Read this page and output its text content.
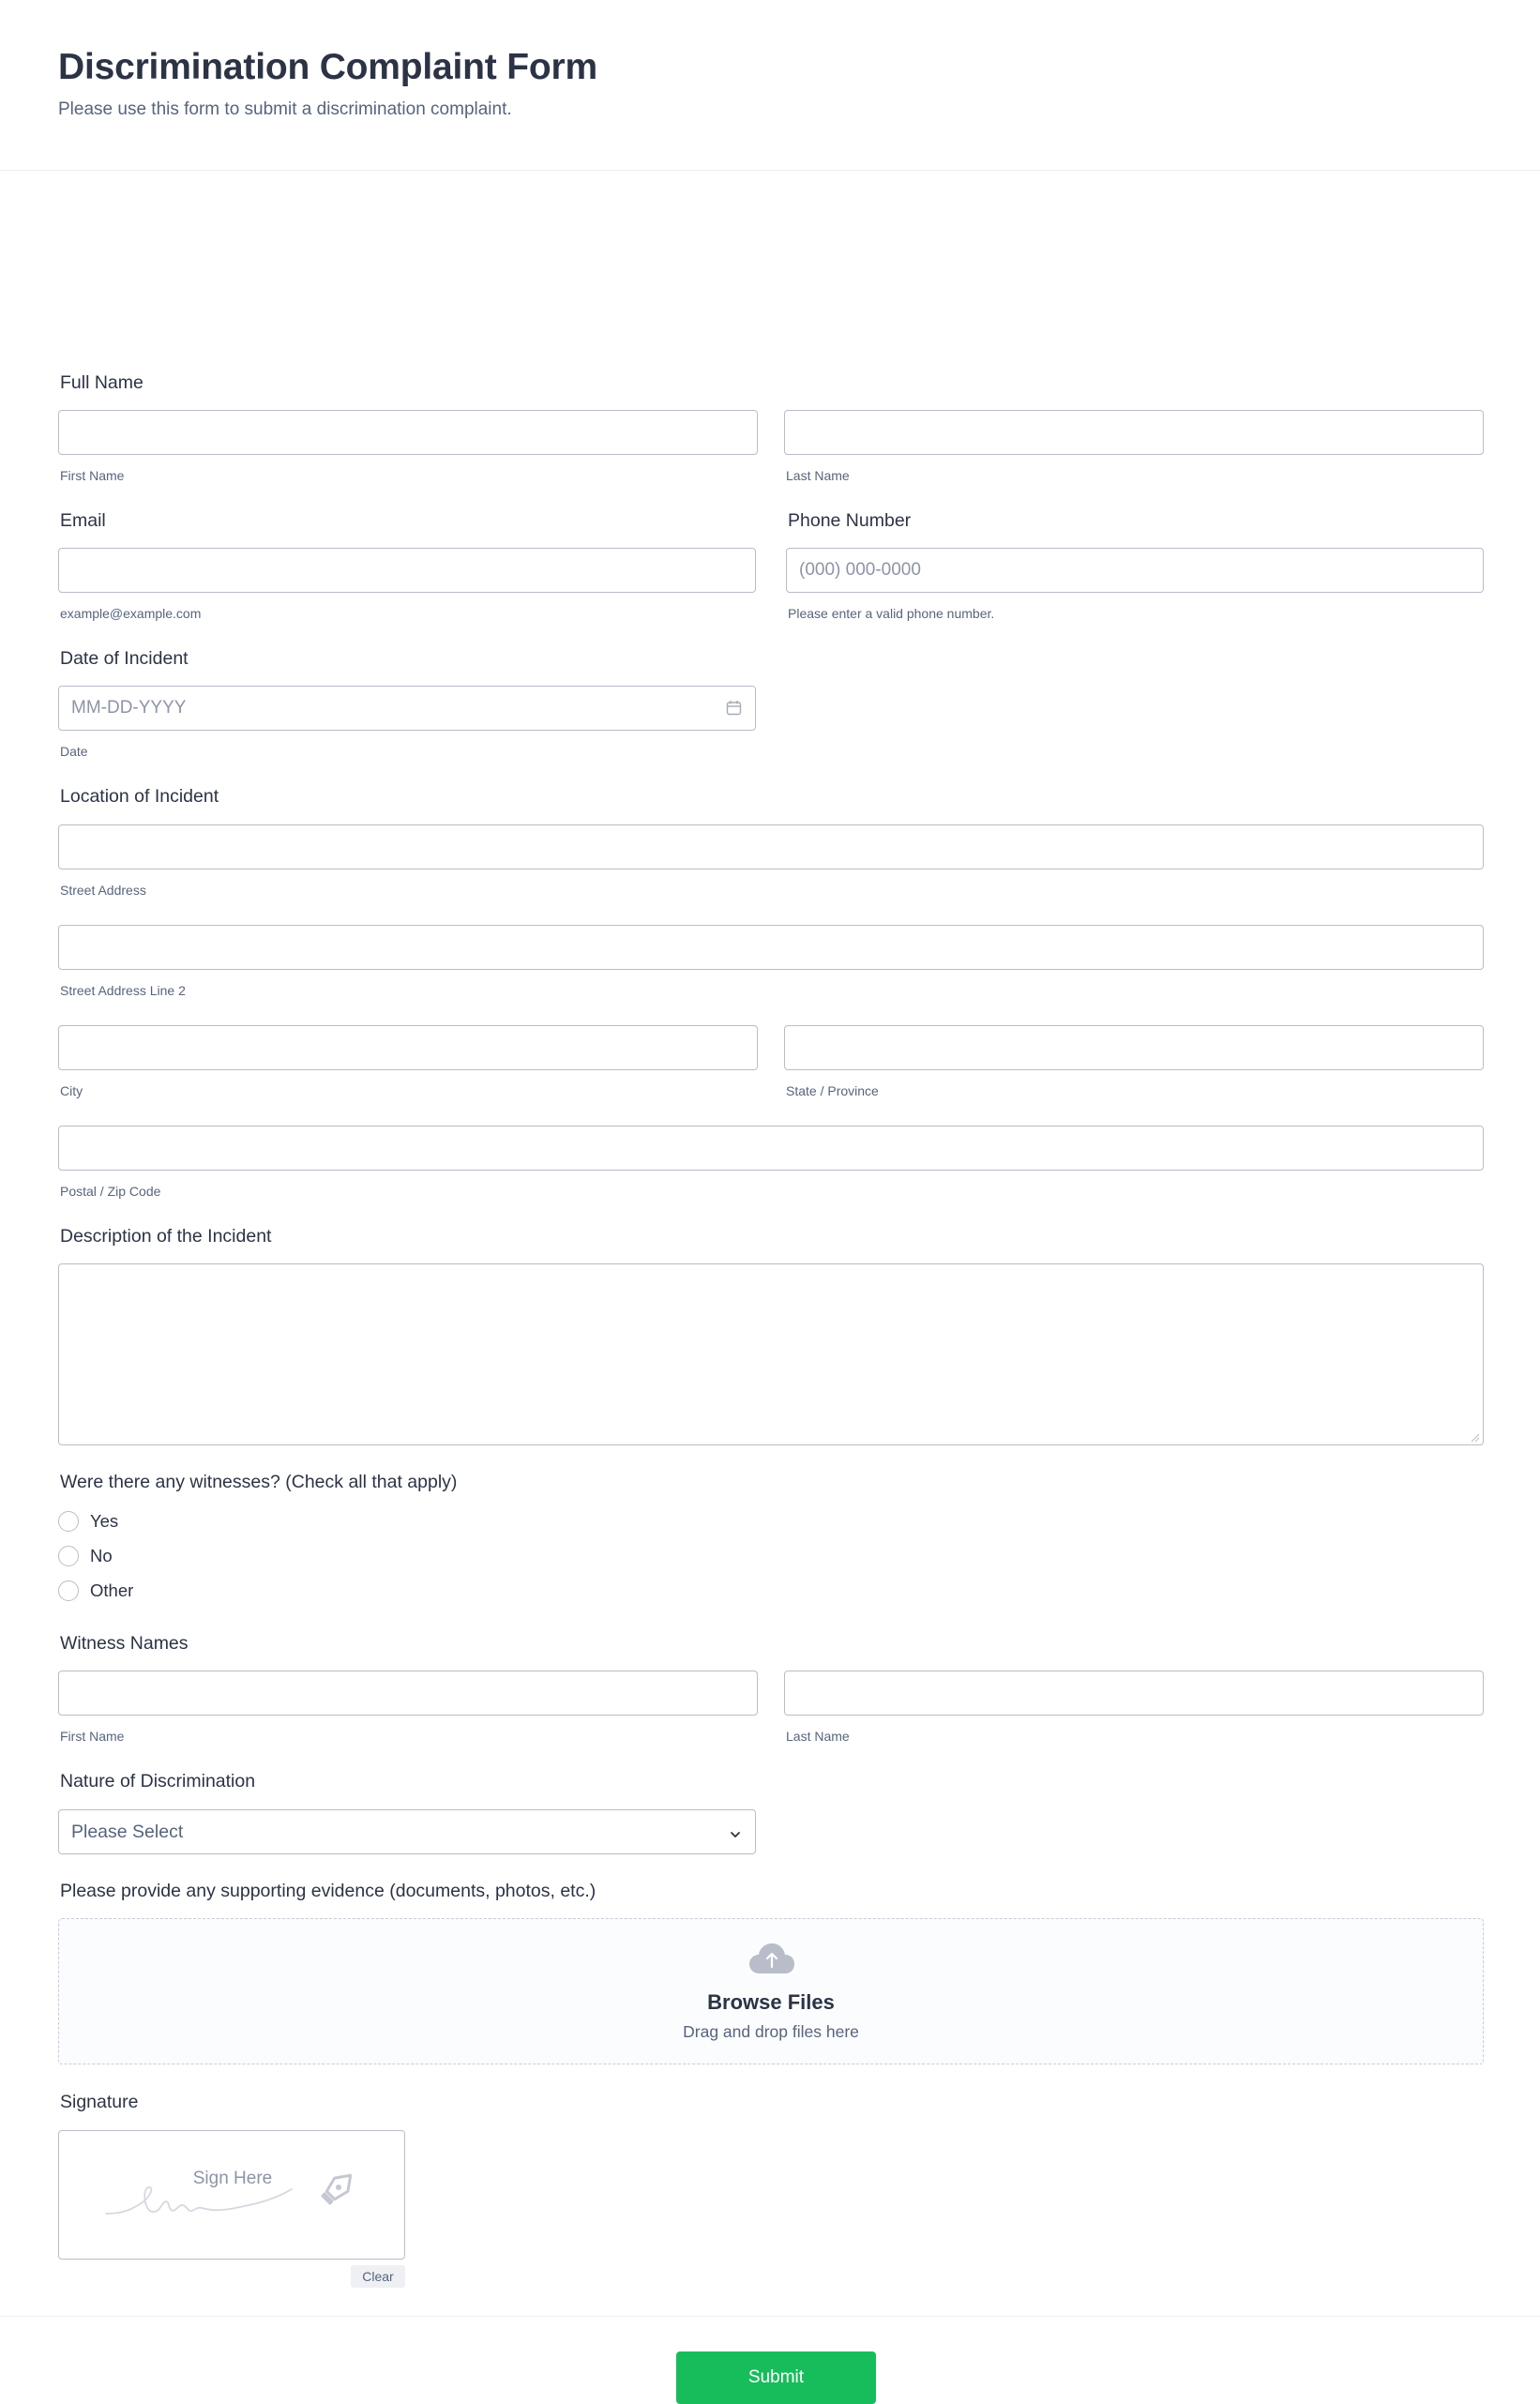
Discrimination Complaint Form

Please use this form to submit a discrimination complaint.

Full Name
First Name	Last Name
Email
example@example.com
Phone Number
(000) 000-0000
Please enter a valid phone number.
Date of Incident
MM-DD-YYYY
Date
Location of Incident
Street Address
Street Address Line 2
City	State / Province
Postal / Zip Code
Description of the Incident
Were there any witnesses? (Check all that apply)
Yes
No
Other
Witness Names
First Name	Last Name
Nature of Discrimination
Please Select
Please provide any supporting evidence (documents, photos, etc.)
Browse Files
Drag and drop files here
Signature
Sign Here
Clear
Submit
